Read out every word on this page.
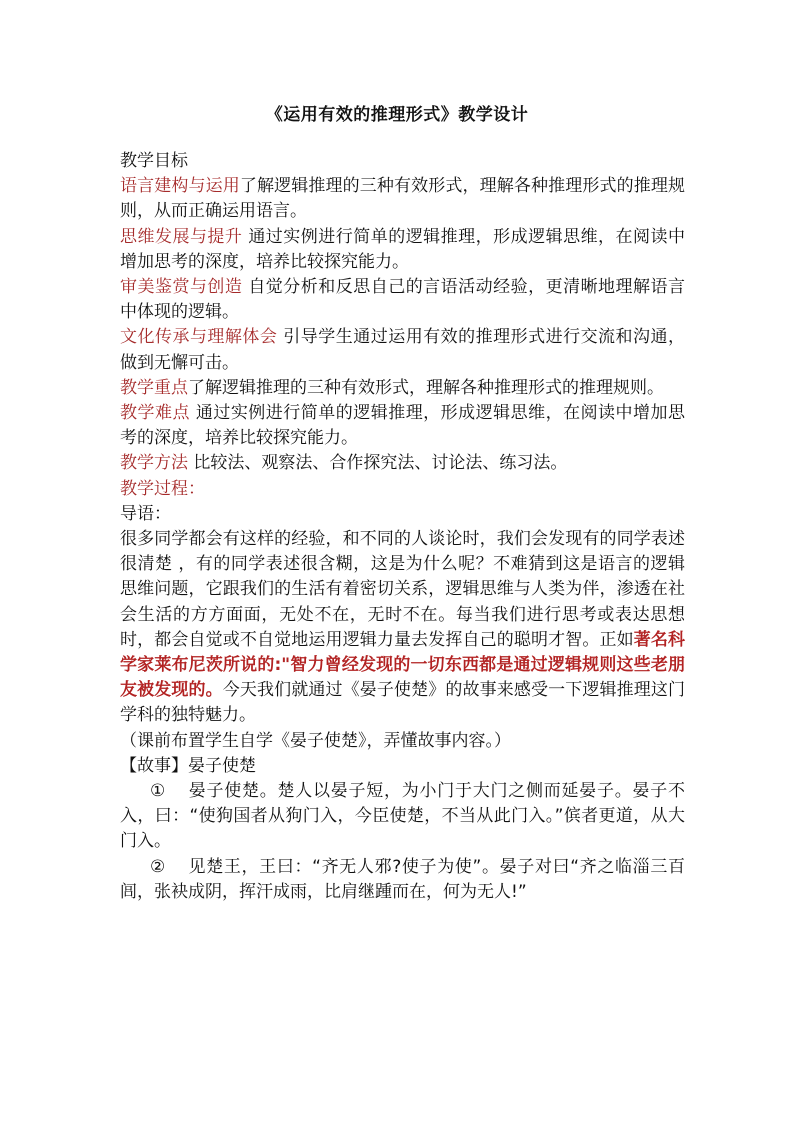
《运用有效的推理形式》教学设计

教学目标

语言建构与运用了解逻辑推理的三种有效形式，理解各种推理形式的推理规则，从而正确运用语言。

思维发展与提升 通过实例进行简单的逻辑推理，形成逻辑思维，在阅读中增加思考的深度，培养比较探究能力。

审美鉴赏与创造 自觉分析和反思自己的言语活动经验，更清晰地理解语言中体现的逻辑。

文化传承与理解体会 引导学生通过运用有效的推理形式进行交流和沟通，做到无懈可击。

教学重点了解逻辑推理的三种有效形式，理解各种推理形式的推理规则。

教学难点 通过实例进行简单的逻辑推理，形成逻辑思维，在阅读中增加思考的深度，培养比较探究能力。

教学方法 比较法、观察法、合作探究法、讨论法、练习法。

教学过程：

导语：

很多同学都会有这样的经验，和不同的人谈论时，我们会发现有的同学表述很清楚 ，有的同学表述很含糊，这是为什么呢？不难猜到这是语言的逻辑思维问题，它跟我们的生活有着密切关系，逻辑思维与人类为伴，渗透在社会生活的方方面面，无处不在，无时不在。每当我们进行思考或表达思想时，都会自觉或不自觉地运用逻辑力量去发挥自己的聪明才智。正如著名科学家莱布尼茨所说的:"智力曾经发现的一切东西都是通过逻辑规则这些老朋友被发现的。今天我们就通过《晏子使楚》的故事来感受一下逻辑推理这门学科的独特魅力。

（课前布置学生自学《晏子使楚》，弄懂故事内容。）

【故事】晏子使楚

① 晏子使楚。楚人以晏子短，为小门于大门之侧而延晏子。晏子不入，曰：“使狗国者从狗门入，今臣使楚，不当从此门入。”傧者更道，从大门入。

② 见楚王，王曰：“齐无人邪?使子为使”。晏子对曰“齐之临淄三百闾，张袂成阴，挥汗成雨，比肩继踵而在，何为无人!”
